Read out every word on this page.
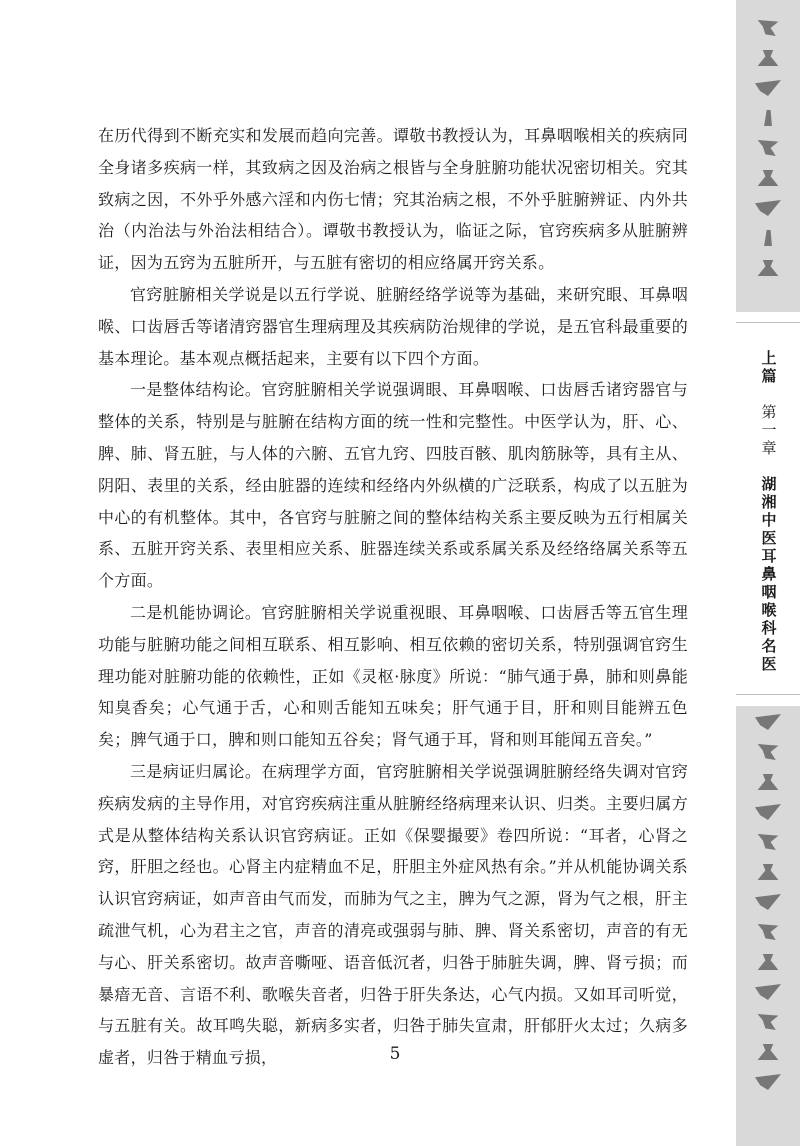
在历代得到不断充实和发展而趋向完善。谭敬书教授认为，耳鼻咽喉相关的疾病同全身诸多疾病一样，其致病之因及治病之根皆与全身脏腑功能状况密切相关。究其致病之因，不外乎外感六淫和内伤七情；究其治病之根，不外乎脏腑辨证、内外共治（内治法与外治法相结合）。谭敬书教授认为，临证之际，官窍疾病多从脏腑辨证，因为五窍为五脏所开，与五脏有密切的相应络属开窍关系。

官窍脏腑相关学说是以五行学说、脏腑经络学说等为基础，来研究眼、耳鼻咽喉、口齿唇舌等诸清窍器官生理病理及其疾病防治规律的学说，是五官科最重要的基本理论。基本观点概括起来，主要有以下四个方面。

一是整体结构论。官窍脏腑相关学说强调眼、耳鼻咽喉、口齿唇舌诸窍器官与整体的关系，特别是与脏腑在结构方面的统一性和完整性。中医学认为，肝、心、脾、肺、肾五脏，与人体的六腑、五官九窍、四肢百骸、肌肉筋脉等，具有主从、阴阳、表里的关系，经由脏器的连续和经络内外纵横的广泛联系，构成了以五脏为中心的有机整体。其中，各官窍与脏腑之间的整体结构关系主要反映为五行相属关系、五脏开窍关系、表里相应关系、脏器连续关系或系属关系及经络络属关系等五个方面。

二是机能协调论。官窍脏腑相关学说重视眼、耳鼻咽喉、口齿唇舌等五官生理功能与脏腑功能之间相互联系、相互影响、相互依赖的密切关系，特别强调官窍生理功能对脏腑功能的依赖性，正如《灵枢·脉度》所说：“肺气通于鼻，肺和则鼻能知臭香矣；心气通于舌，心和则舌能知五味矣；肝气通于目，肝和则目能辨五色矣；脾气通于口，脾和则口能知五谷矣；肾气通于耳，肾和则耳能闻五音矣。”

三是病证归属论。在病理学方面，官窍脏腑相关学说强调脏腑经络失调对官窍疾病发病的主导作用，对官窍疾病注重从脏腑经络病理来认识、归类。主要归属方式是从整体结构关系认识官窍病证。正如《保婴撮要》卷四所说：“耳者，心肾之窍，肝胆之经也。心肾主内症精血不足，肝胆主外症风热有余。”并从机能协调关系认识官窍病证，如声音由气而发，而肺为气之主，脾为气之源，肾为气之根，肝主疏泄气机，心为君主之官，声音的清亮或强弱与肺、脾、肾关系密切，声音的有无与心、肝关系密切。故声音嘶哑、语音低沉者，归咎于肺脏失调，脾、肾亏损；而暴瘖无音、言语不利、歌喉失音者，归咎于肝失条达，心气内损。又如耳司听觉，与五脏有关。故耳鸣失聪，新病多实者，归咎于肺失宣肃，肝郁肝火太过；久病多虚者，归咎于精血亏损，	5
上篇
第一章
湖湘中医耳鼻咽喉科名医
